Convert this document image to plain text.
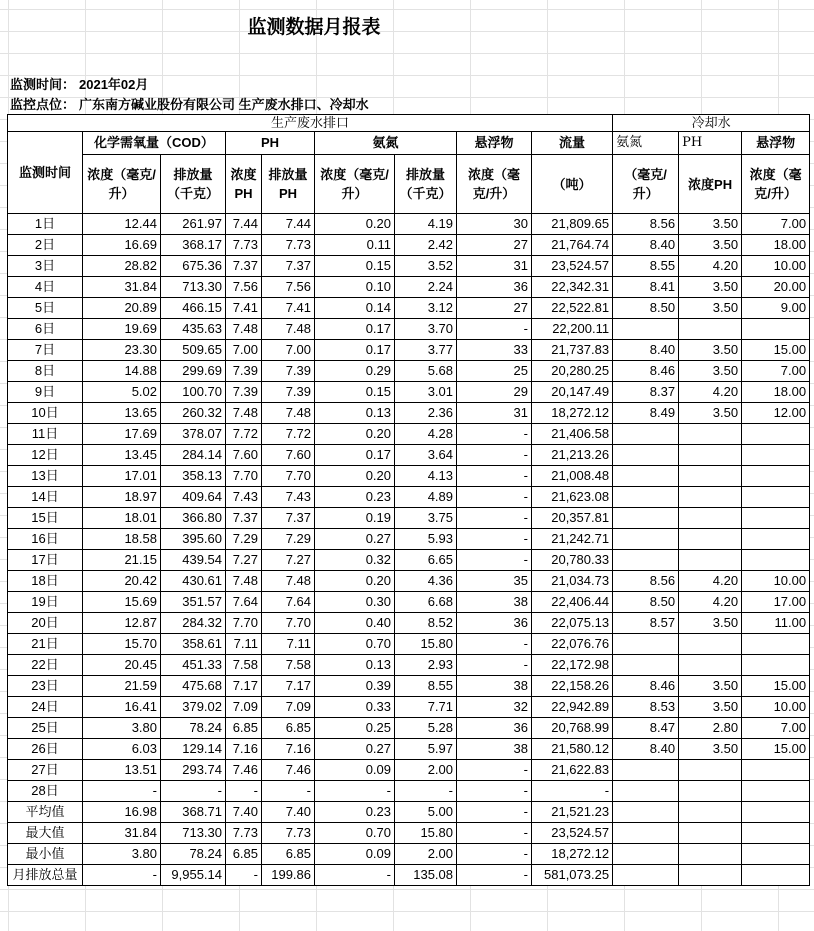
监测数据月报表
监测时间： 2021年02月
监控点位： 广东南方碱业股份有限公司 生产废水排口、冷却水
生产废水排口									冷却水		
监测时间	化学需氧量（COD）		PH		氨氮		悬浮物	流量	氨氮	PH	悬浮物
	浓度（毫克/升）	排放量（千克）	浓度PH	排放量PH	浓度（毫克/升）	排放量（千克）	浓度（毫克/升）	（吨）	（毫克/升）	浓度PH	浓度（毫克/升）
1日	12.44	261.97	7.44	7.44	0.20	4.19	30	21,809.65	8.56	3.50	7.00
2日	16.69	368.17	7.73	7.73	0.11	2.42	27	21,764.74	8.40	3.50	18.00
3日	28.82	675.36	7.37	7.37	0.15	3.52	31	23,524.57	8.55	4.20	10.00
4日	31.84	713.30	7.56	7.56	0.10	2.24	36	22,342.31	8.41	3.50	20.00
5日	20.89	466.15	7.41	7.41	0.14	3.12	27	22,522.81	8.50	3.50	9.00
6日	19.69	435.63	7.48	7.48	0.17	3.70	-	22,200.11			
7日	23.30	509.65	7.00	7.00	0.17	3.77	33	21,737.83	8.40	3.50	15.00
8日	14.88	299.69	7.39	7.39	0.29	5.68	25	20,280.25	8.46	3.50	7.00
9日	5.02	100.70	7.39	7.39	0.15	3.01	29	20,147.49	8.37	4.20	18.00
10日	13.65	260.32	7.48	7.48	0.13	2.36	31	18,272.12	8.49	3.50	12.00
11日	17.69	378.07	7.72	7.72	0.20	4.28	-	21,406.58			
12日	13.45	284.14	7.60	7.60	0.17	3.64	-	21,213.26			
13日	17.01	358.13	7.70	7.70	0.20	4.13	-	21,008.48			
14日	18.97	409.64	7.43	7.43	0.23	4.89	-	21,623.08			
15日	18.01	366.80	7.37	7.37	0.19	3.75	-	20,357.81			
16日	18.58	395.60	7.29	7.29	0.27	5.93	-	21,242.71			
17日	21.15	439.54	7.27	7.27	0.32	6.65	-	20,780.33			
18日	20.42	430.61	7.48	7.48	0.20	4.36	35	21,034.73	8.56	4.20	10.00
19日	15.69	351.57	7.64	7.64	0.30	6.68	38	22,406.44	8.50	4.20	17.00
20日	12.87	284.32	7.70	7.70	0.40	8.52	36	22,075.13	8.57	3.50	11.00
21日	15.70	358.61	7.11	7.11	0.70	15.80	-	22,076.76			
22日	20.45	451.33	7.58	7.58	0.13	2.93	-	22,172.98			
23日	21.59	475.68	7.17	7.17	0.39	8.55	38	22,158.26	8.46	3.50	15.00
24日	16.41	379.02	7.09	7.09	0.33	7.71	32	22,942.89	8.53	3.50	10.00
25日	3.80	78.24	6.85	6.85	0.25	5.28	36	20,768.99	8.47	2.80	7.00
26日	6.03	129.14	7.16	7.16	0.27	5.97	38	21,580.12	8.40	3.50	15.00
27日	13.51	293.74	7.46	7.46	0.09	2.00	-	21,622.83			
28日	-	-	-	-	-	-	-	-			
平均值	16.98	368.71	7.40	7.40	0.23	5.00	-	21,521.23			
最大值	31.84	713.30	7.73	7.73	0.70	15.80	-	23,524.57			
最小值	3.80	78.24	6.85	6.85	0.09	2.00	-	18,272.12			
月排放总量	-	9,955.14	-	199.86	-	135.08	-	581,073.25			
